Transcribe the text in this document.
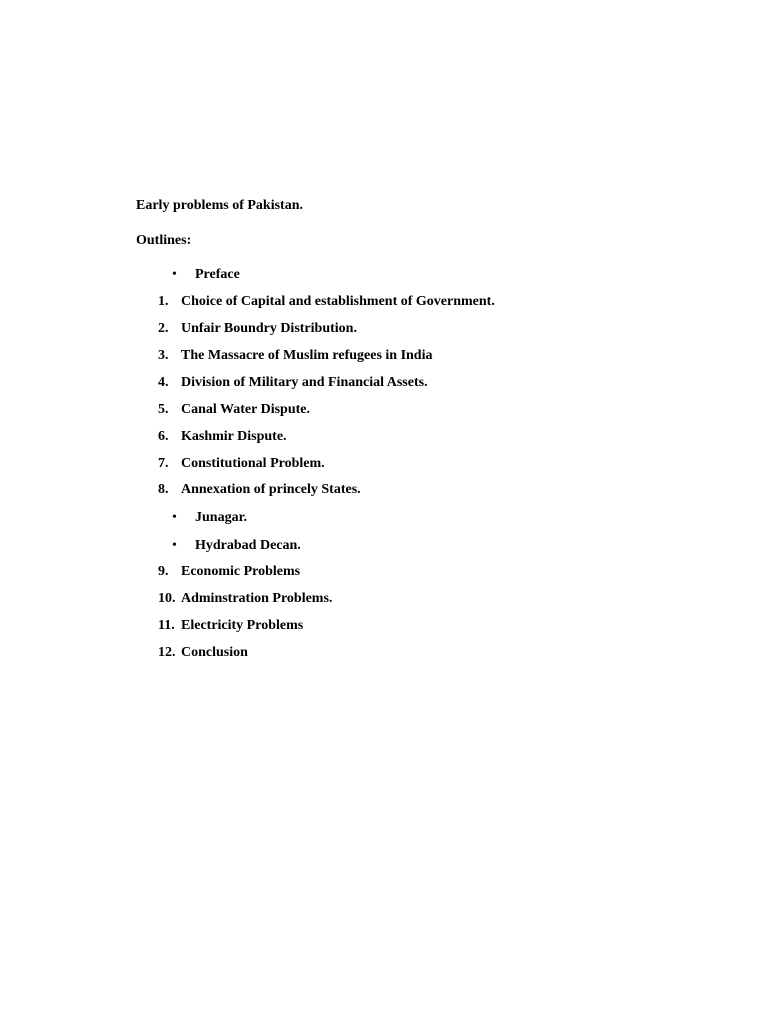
Early problems of Pakistan.
Outlines:
• Preface
1. Choice of Capital and establishment of Government.
2. Unfair Boundry Distribution.
3. The Massacre of Muslim refugees in India
4. Division of Military and Financial Assets.
5. Canal Water Dispute.
6. Kashmir Dispute.
7. Constitutional Problem.
8. Annexation of princely States.
• Junagar.
• Hydrabad Decan.
9. Economic Problems
10. Adminstration Problems.
11. Electricity Problems
12. Conclusion
